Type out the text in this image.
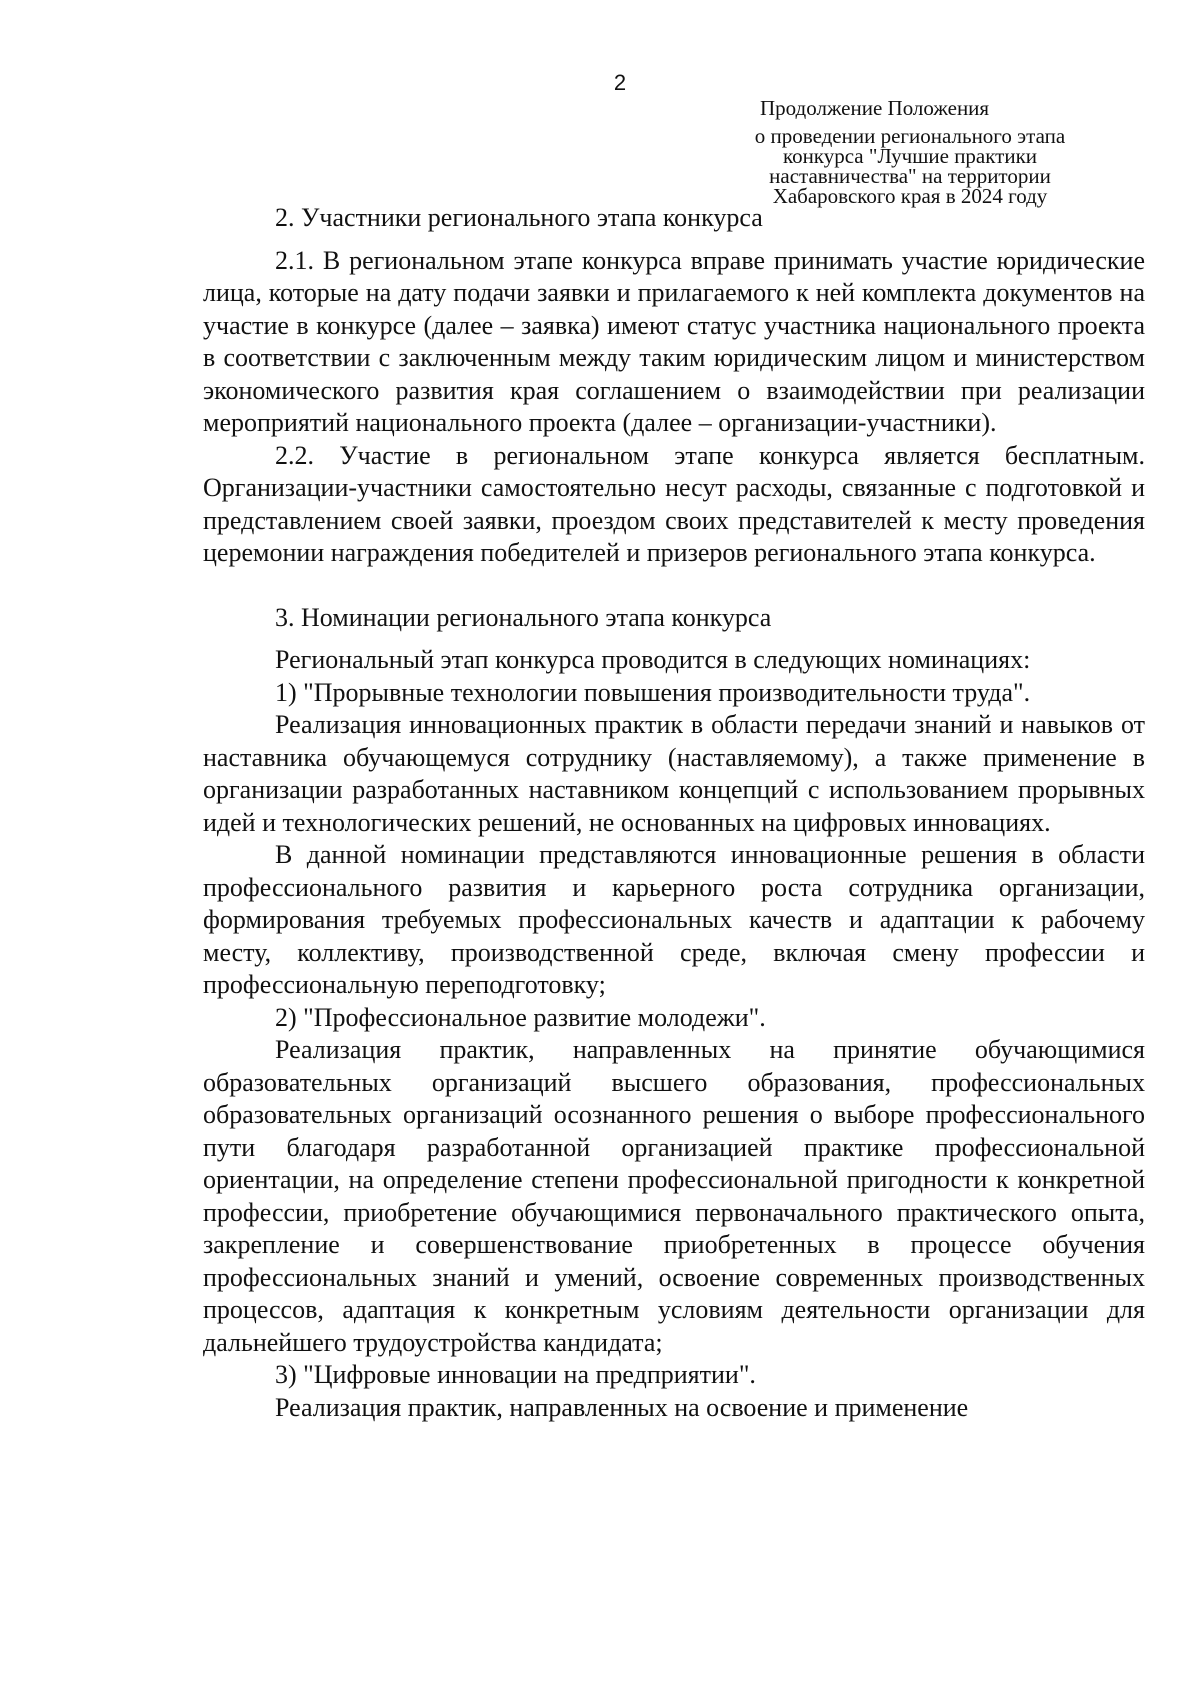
2
Продолжение Положения
о проведении регионального этапа
конкурса "Лучшие практики
наставничества" на территории
Хабаровского края в 2024 году
2. Участники регионального этапа конкурса

2.1. В региональном этапе конкурса вправе принимать участие юридические лица, которые на дату подачи заявки и прилагаемого к ней комплекта документов на участие в конкурсе (далее – заявка) имеют статус участника национального проекта в соответствии с заключенным между таким юридическим лицом и министерством экономического развития края соглашением о взаимодействии при реализации мероприятий национального проекта (далее – организации-участники).

2.2. Участие в региональном этапе конкурса является бесплатным. Организации-участники самостоятельно несут расходы, связанные с подготовкой и представлением своей заявки, проездом своих представителей к месту проведения церемонии награждения победителей и призеров регионального этапа конкурса.

3. Номинации регионального этапа конкурса

Региональный этап конкурса проводится в следующих номинациях:

1) "Прорывные технологии повышения производительности труда".

Реализация инновационных практик в области передачи знаний и навыков от наставника обучающемуся сотруднику (наставляемому), а также применение в организации разработанных наставником концепций с использованием прорывных идей и технологических решений, не основанных на цифровых инновациях.

В данной номинации представляются инновационные решения в области профессионального развития и карьерного роста сотрудника организации, формирования требуемых профессиональных качеств и адаптации к рабочему месту, коллективу, производственной среде, включая смену профессии и профессиональную переподготовку;

2) "Профессиональное развитие молодежи".

Реализация практик, направленных на принятие обучающимися образовательных организаций высшего образования, профессиональных образовательных организаций осознанного решения о выборе профессионального пути благодаря разработанной организацией практике профессиональной ориентации, на определение степени профессиональной пригодности к конкретной профессии, приобретение обучающимися первоначального практического опыта, закрепление и совершенствование приобретенных в процессе обучения профессиональных знаний и умений, освоение современных производственных процессов, адаптация к конкретным условиям деятельности организации для дальнейшего трудоустройства кандидата;

3) "Цифровые инновации на предприятии".

Реализация практик, направленных на освоение и применение
